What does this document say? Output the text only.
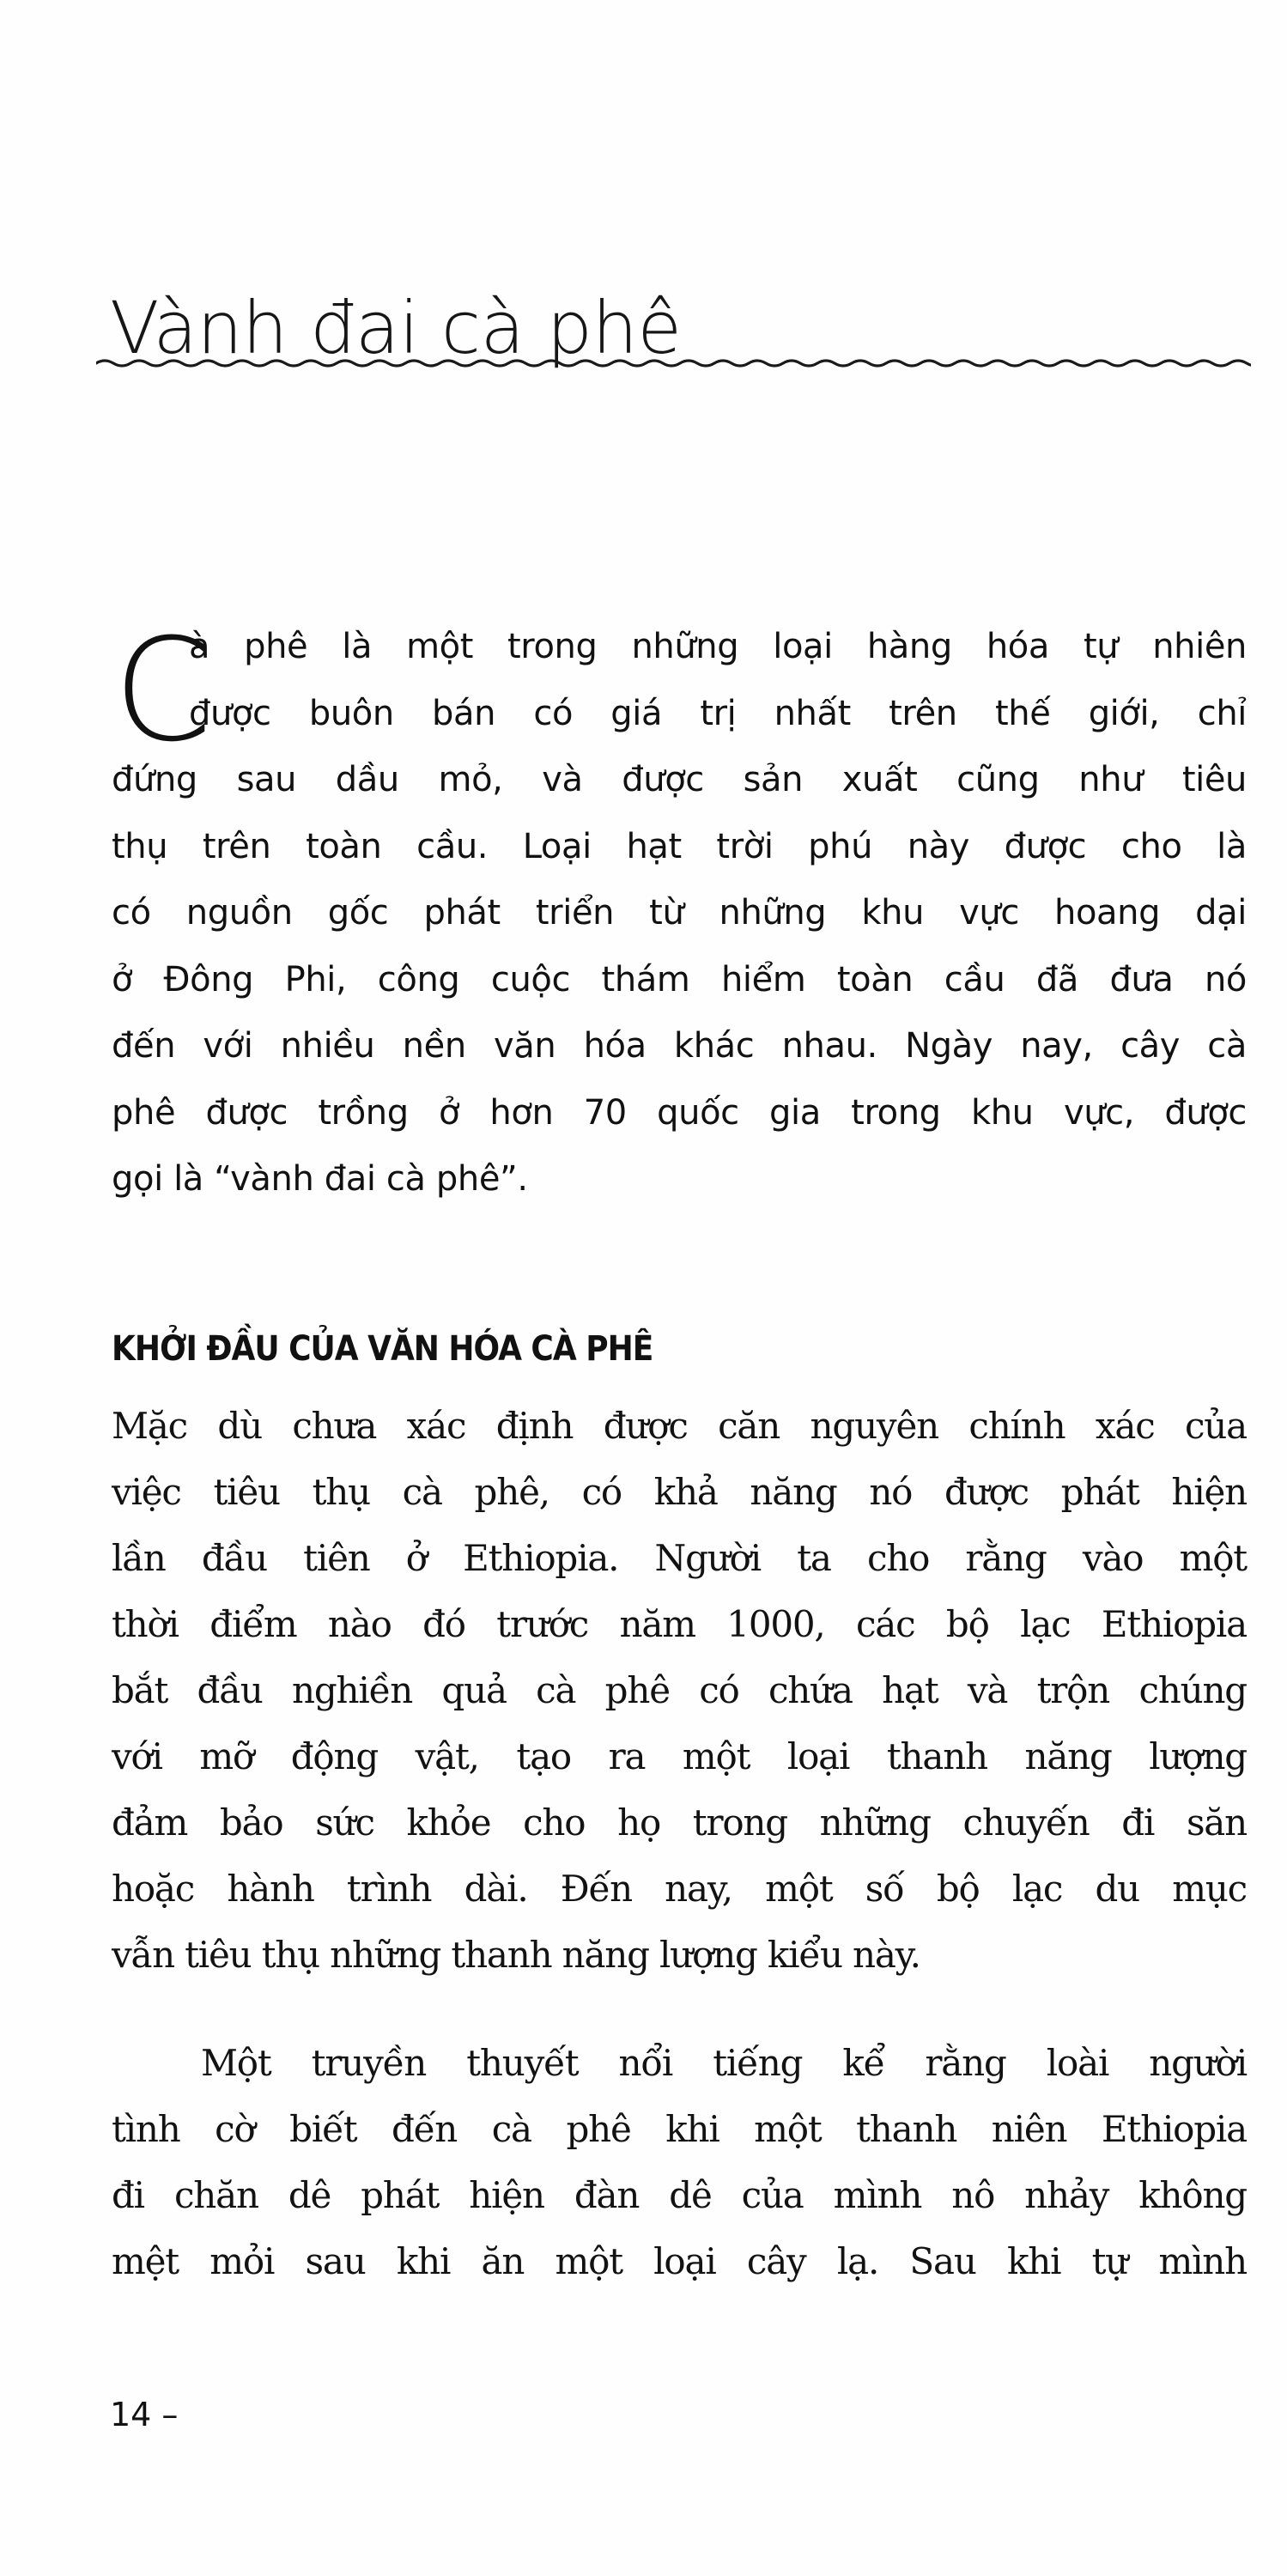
Vành đai cà phê
C
à phê là một trong những loại hàng hóa tự nhiên
được buôn bán có giá trị nhất trên thế giới, chỉ
đứng sau dầu mỏ, và được sản xuất cũng như tiêu
thụ trên toàn cầu. Loại hạt trời phú này được cho là
có nguồn gốc phát triển từ những khu vực hoang dại
ở Đông Phi, công cuộc thám hiểm toàn cầu đã đưa nó
đến với nhiều nền văn hóa khác nhau. Ngày nay, cây cà
phê được trồng ở hơn 70 quốc gia trong khu vực, được
gọi là “vành đai cà phê”.
KHỞI ĐẦU CỦA VĂN HÓA CÀ PHÊ
Mặc dù chưa xác định được căn nguyên chính xác của
việc tiêu thụ cà phê, có khả năng nó được phát hiện
lần đầu tiên ở Ethiopia. Người ta cho rằng vào một
thời điểm nào đó trước năm 1000, các bộ lạc Ethiopia
bắt đầu nghiền quả cà phê có chứa hạt và trộn chúng
với mỡ động vật, tạo ra một loại thanh năng lượng
đảm bảo sức khỏe cho họ trong những chuyến đi săn
hoặc hành trình dài. Đến nay, một số bộ lạc du mục
vẫn tiêu thụ những thanh năng lượng kiểu này.
Một truyền thuyết nổi tiếng kể rằng loài người
tình cờ biết đến cà phê khi một thanh niên Ethiopia
đi chăn dê phát hiện đàn dê của mình nô nhảy không
mệt mỏi sau khi ăn một loại cây lạ. Sau khi tự mình
14 –
